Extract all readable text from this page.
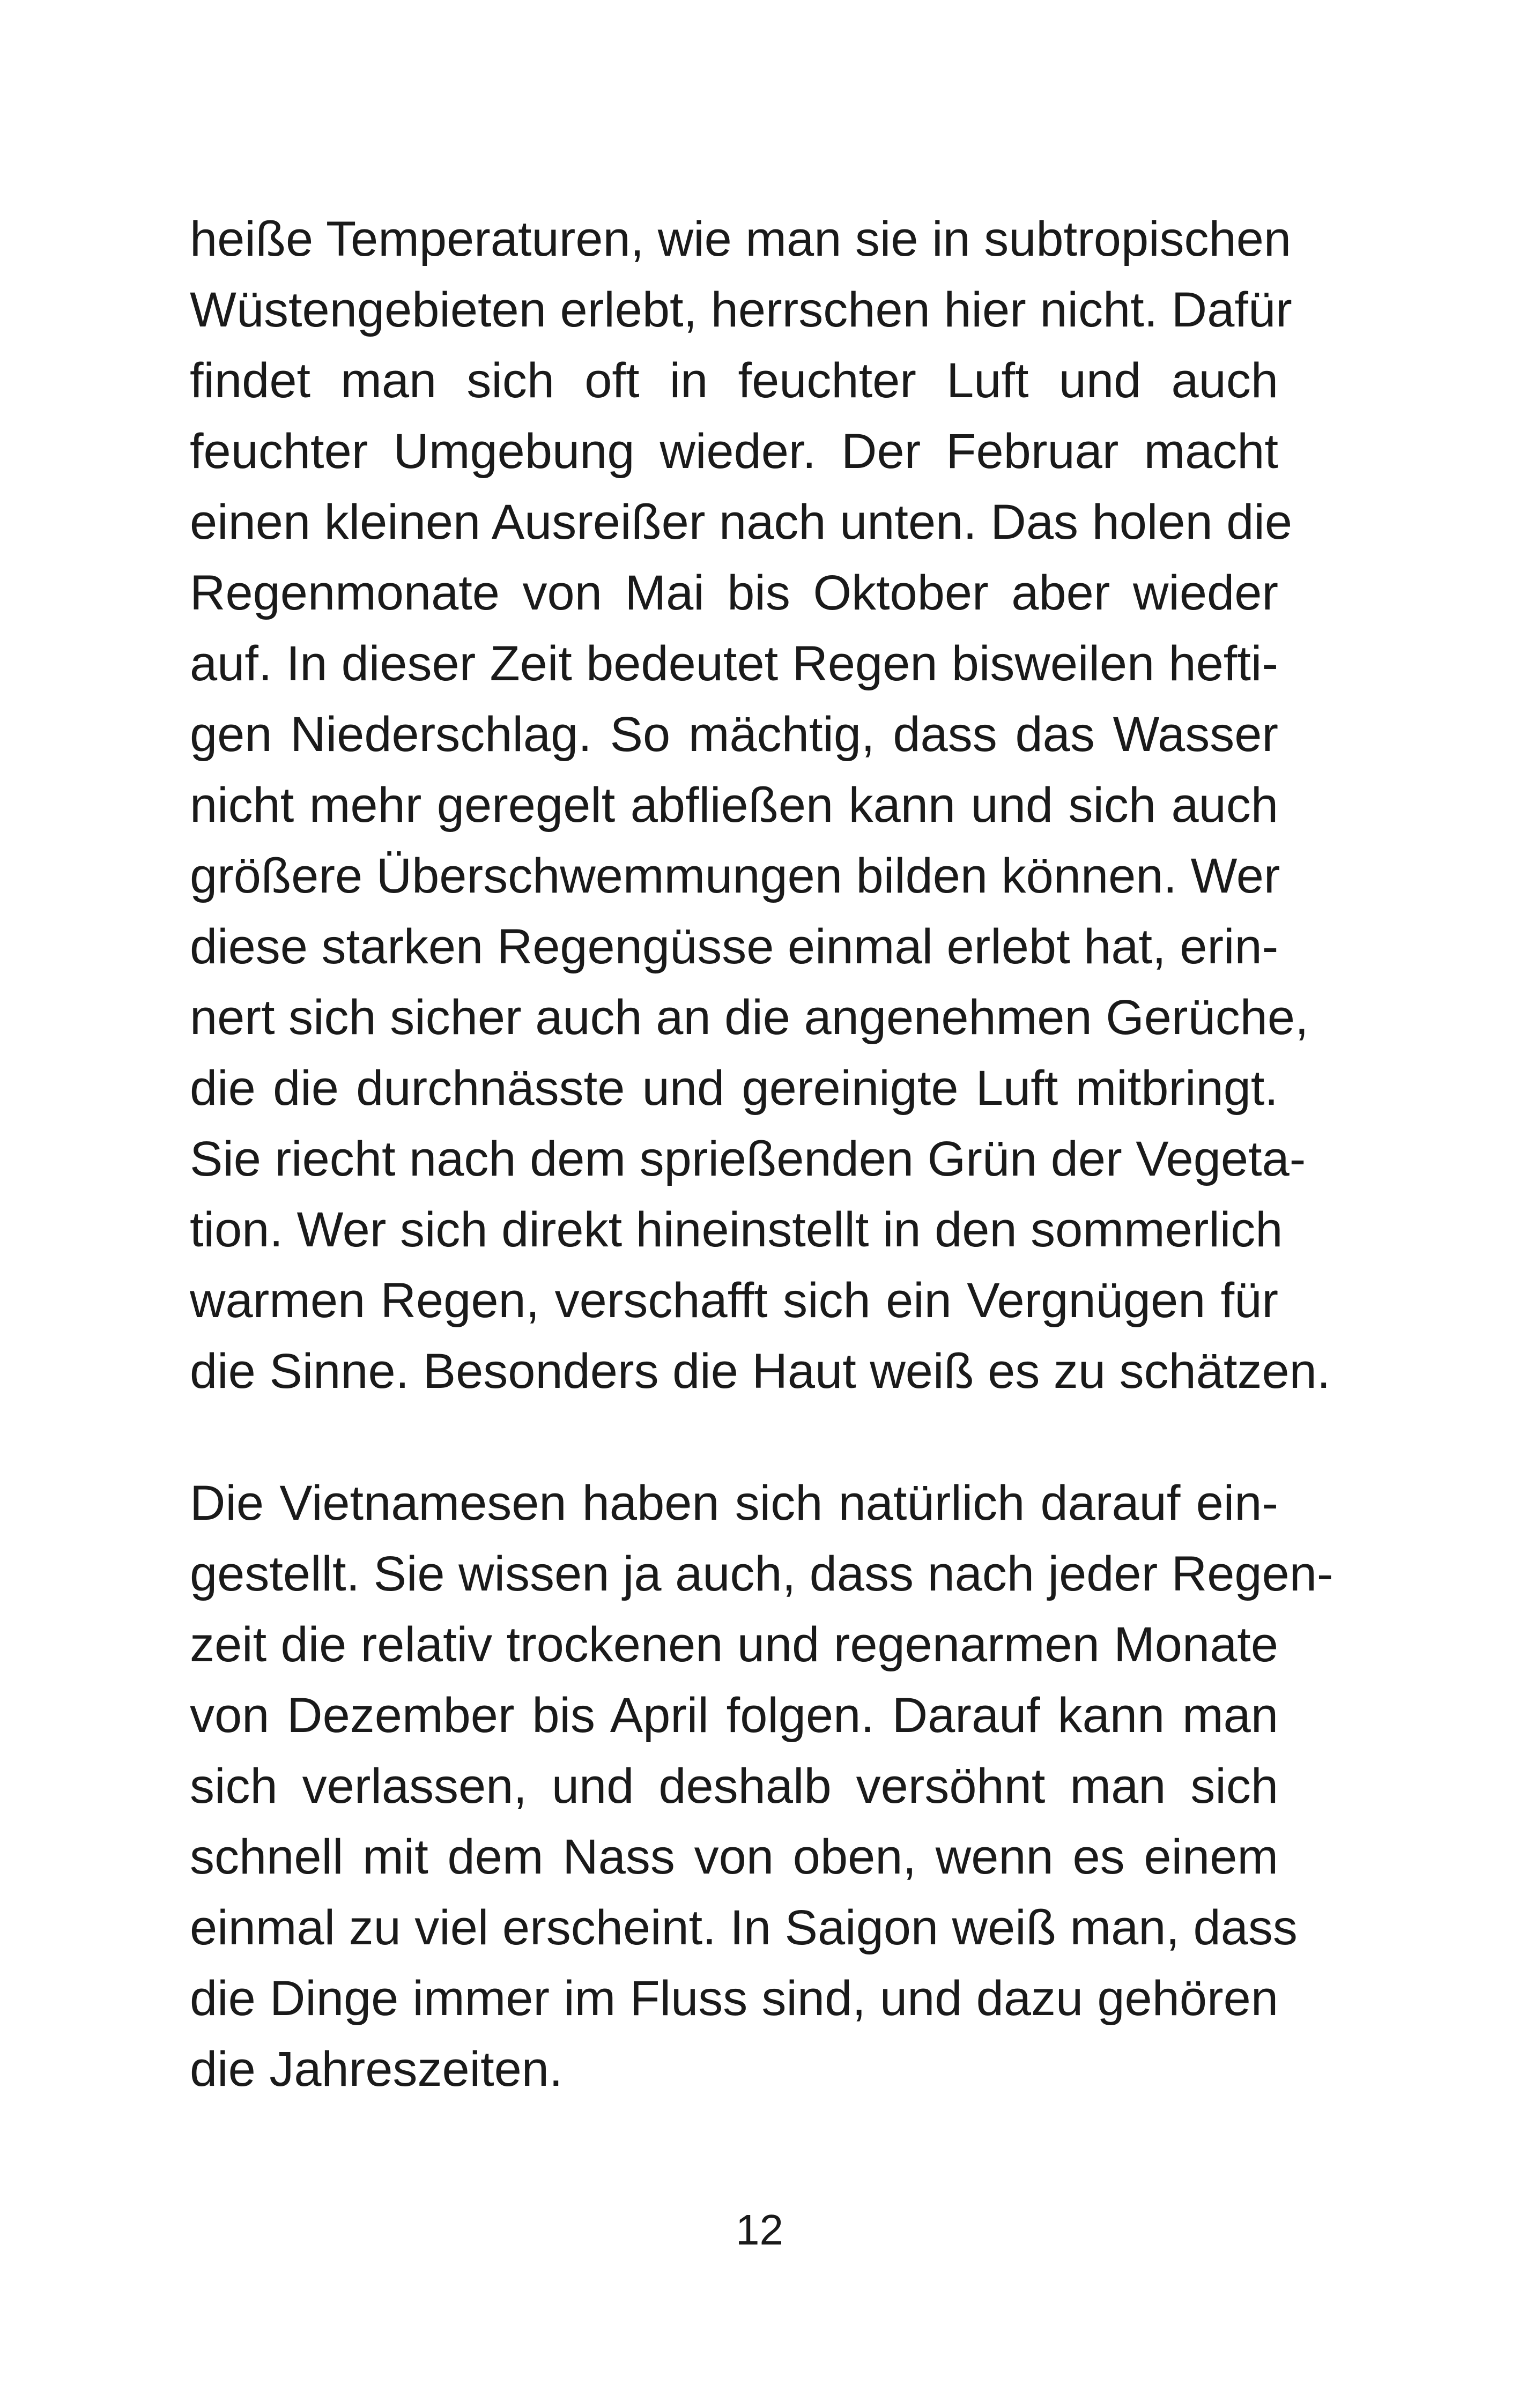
heiße Temperaturen, wie man sie in subtropischen
Wüstengebieten erlebt, herrschen hier nicht. Dafür
findet man sich oft in feuchter Luft und auch
feuchter Umgebung wieder. Der Februar macht
einen kleinen Ausreißer nach unten. Das holen die
Regenmonate von Mai bis Oktober aber wieder
auf. In dieser Zeit bedeutet Regen bisweilen hefti-
gen Niederschlag. So mächtig, dass das Wasser
nicht mehr geregelt abfließen kann und sich auch
größere Überschwemmungen bilden können. Wer
diese starken Regengüsse einmal erlebt hat, erin-
nert sich sicher auch an die angenehmen Gerüche,
die die durchnässte und gereinigte Luft mitbringt.
Sie riecht nach dem sprießenden Grün der Vegeta-
tion. Wer sich direkt hineinstellt in den sommerlich
warmen Regen, verschafft sich ein Vergnügen für
die Sinne. Besonders die Haut weiß es zu schätzen.
Die Vietnamesen haben sich natürlich darauf ein-
gestellt. Sie wissen ja auch, dass nach jeder Regen-
zeit die relativ trockenen und regenarmen Monate
von Dezember bis April folgen. Darauf kann man
sich verlassen, und deshalb versöhnt man sich
schnell mit dem Nass von oben, wenn es einem
einmal zu viel erscheint. In Saigon weiß man, dass
die Dinge immer im Fluss sind, und dazu gehören
die Jahreszeiten.
12
